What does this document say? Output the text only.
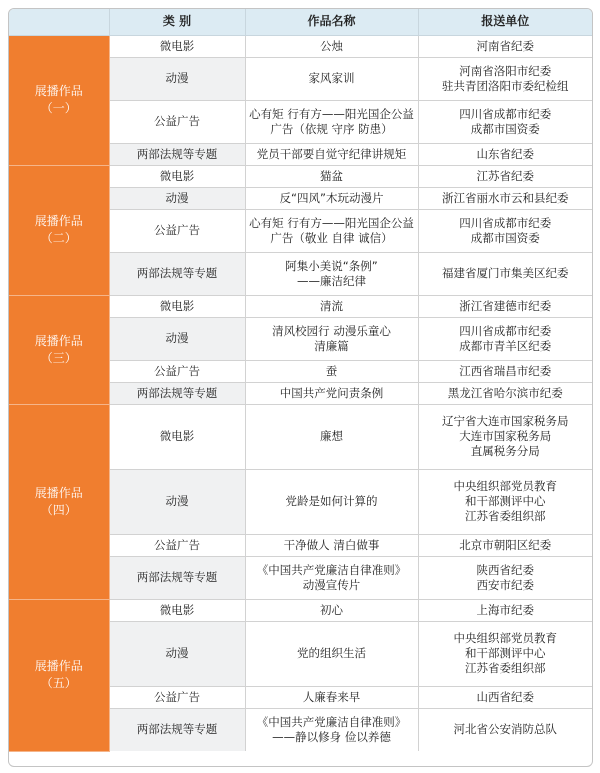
	类 别	作品名称	报送单位

展播作品
（一）	微电影	公烛	河南省纪委

	动漫	家风家训	河南省洛阳市纪委
驻共青团洛阳市委纪检组

	公益广告	心有矩 行有方——阳光国企公益
广告（依规 守序 防患）	四川省成都市纪委
成都市国资委

	两部法规等专题	党员干部要自觉守纪律讲规矩	山东省纪委

展播作品
（二）	微电影	猫盆	江苏省纪委

	动漫	反“四风”木玩动漫片	浙江省丽水市云和县纪委

	公益广告	心有矩 行有方——阳光国企公益
广告（敬业 自律 诚信）	四川省成都市纪委
成都市国资委

	两部法规等专题	阿集小美说“条例”
——廉洁纪律	福建省厦门市集美区纪委

展播作品
（三）	微电影	清流	浙江省建德市纪委

	动漫	清风校园行 动漫乐童心
清廉篇	四川省成都市纪委
成都市青羊区纪委

	公益广告	蚕	江西省瑞昌市纪委

	两部法规等专题	中国共产党问责条例	黑龙江省哈尔滨市纪委

展播作品
（四）	微电影	廉想	辽宁省大连市国家税务局
大连市国家税务局
直属税务分局

	动漫	党龄是如何计算的	中央组织部党员教育
和干部测评中心
江苏省委组织部

	公益广告	干净做人 清白做事	北京市朝阳区纪委

	两部法规等专题	《中国共产党廉洁自律准则》
动漫宣传片	陕西省纪委
西安市纪委

展播作品
（五）	微电影	初心	上海市纪委

	动漫	党的组织生活	中央组织部党员教育
和干部测评中心
江苏省委组织部

	公益广告	人廉春来早	山西省纪委

	两部法规等专题	《中国共产党廉洁自律准则》
——静以修身 俭以养德	河北省公安消防总队
